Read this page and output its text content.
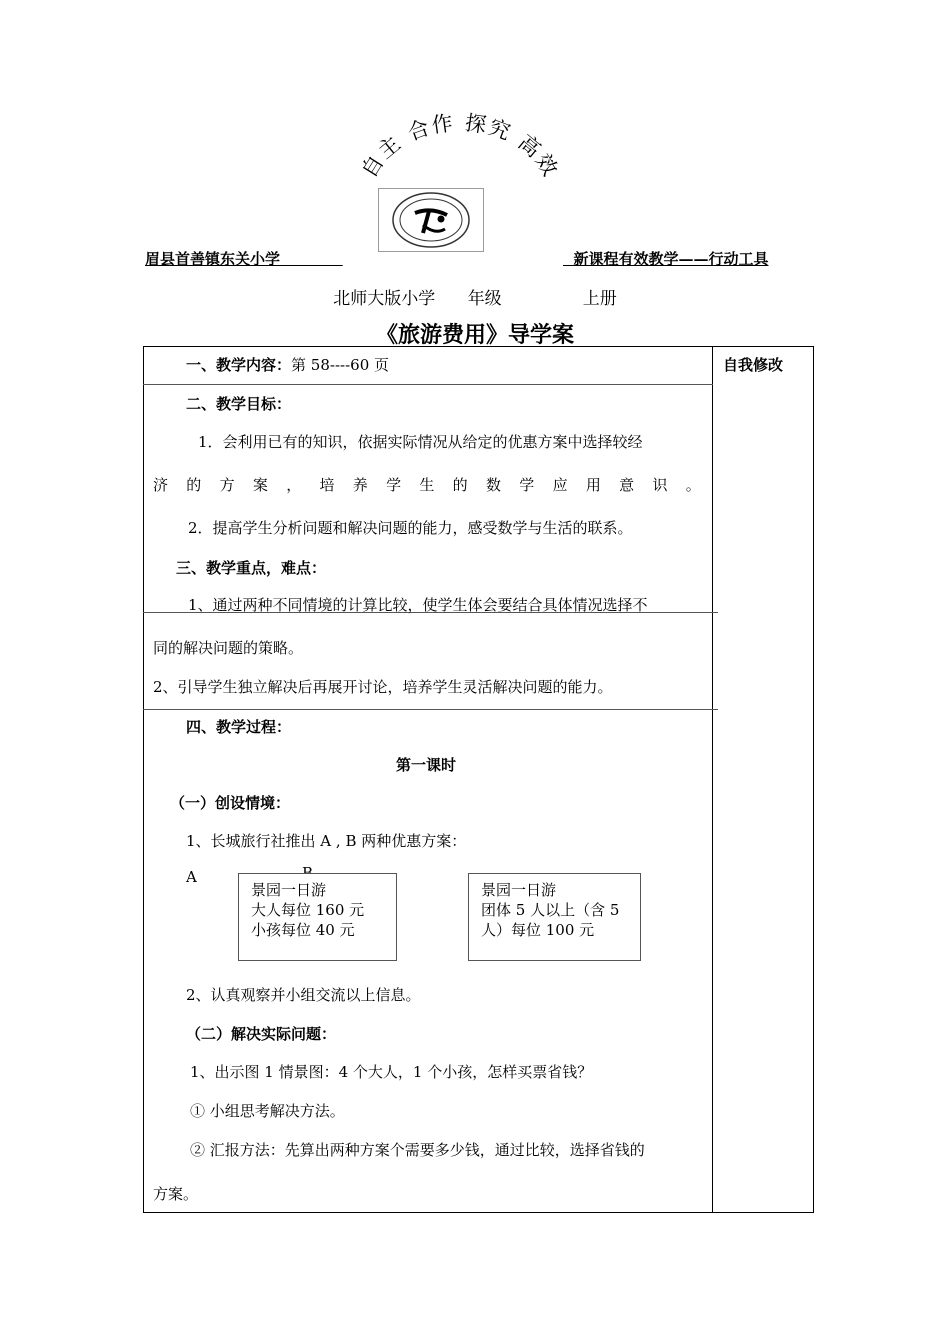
自主 合作 探究 高效
眉县首善镇东关小学	新课程有效教学——行动工具
北师大版小学 年级	上册
《旅游费用》导学案
自我修改
一、教学内容：第 58----60 页
二、教学目标：
1．会利用已有的知识，依据实际情况从给定的优惠方案中选择较经
济 的 方 案 ， 培 养 学 生 的 数 学 应 用 意 识 。
2．提高学生分析问题和解决问题的能力，感受数学与生活的联系。
三、教学重点，难点：
1、通过两种不同情境的计算比较，使学生体会要结合具体情况选择不
同的解决问题的策略。
2、引导学生独立解决后再展开讨论，培养学生灵活解决问题的能力。
四、教学过程：
第一课时
（一）创设情境：
1、长城旅行社推出 A , B 两种优惠方案：
A
景园一日游
大人每位 160 元
小孩每位 40 元
景园一日游
团体 5 人以上（含 5
人）每位 100 元
2、认真观察并小组交流以上信息。
（二）解决实际问题：
1、出示图 1 情景图：4 个大人，1 个小孩，怎样买票省钱？
① 小组思考解决方法。
② 汇报方法：先算出两种方案个需要多少钱，通过比较，选择省钱的
方案。
